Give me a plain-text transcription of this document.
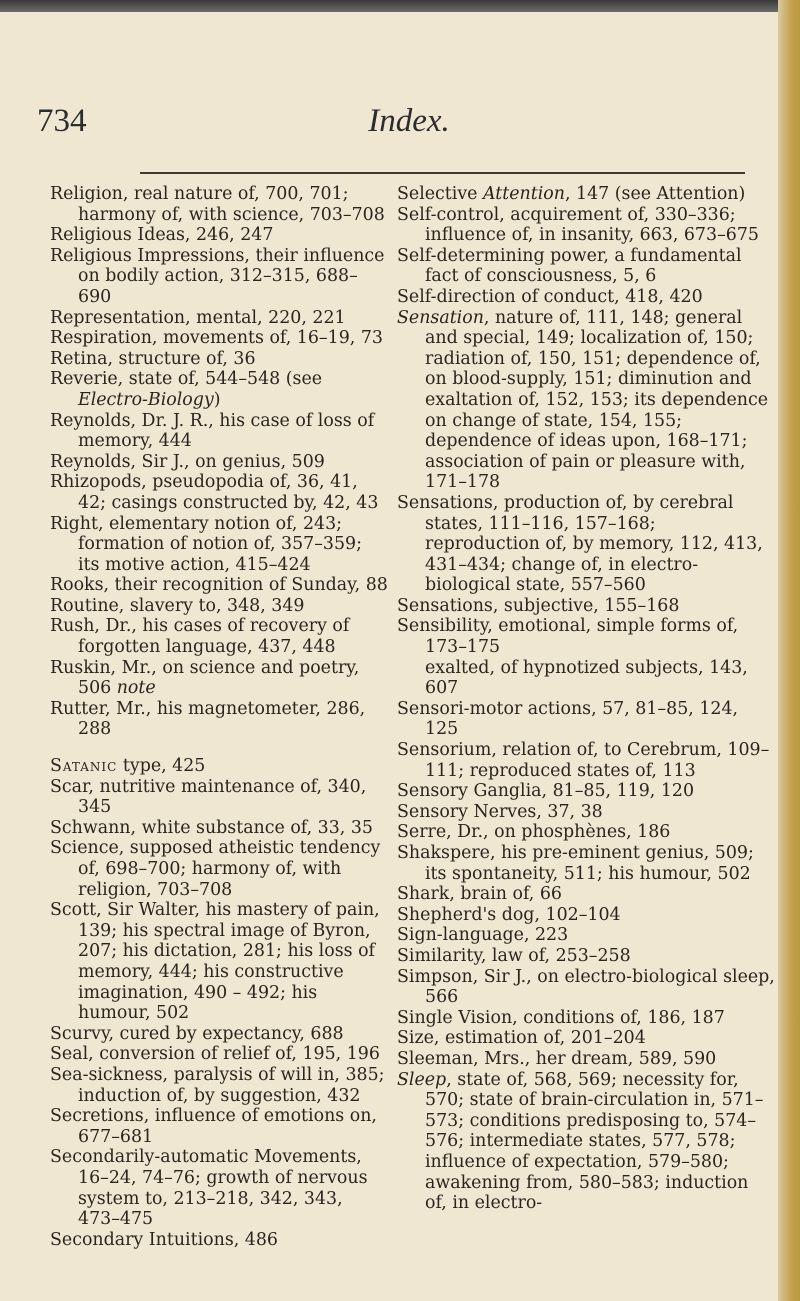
734	Index.

Religion, real nature of, 700, 701; harmony of, with science, 703–708

Religious Ideas, 246, 247

Religious Impressions, their influence on bodily action, 312–315, 688–690

Representation, mental, 220, 221

Respiration, movements of, 16–19, 73

Retina, structure of, 36

Reverie, state of, 544–548 (see Electro-Biology)

Reynolds, Dr. J. R., his case of loss of memory, 444

Reynolds, Sir J., on genius, 509

Rhizopods, pseudopodia of, 36, 41, 42; casings constructed by, 42, 43

Right, elementary notion of, 243; formation of notion of, 357–359; its motive action, 415–424

Rooks, their recognition of Sunday, 88

Routine, slavery to, 348, 349

Rush, Dr., his cases of recovery of forgotten language, 437, 448

Ruskin, Mr., on science and poetry, 506 note

Rutter, Mr., his magnetometer, 286, 288

Satanic type, 425

Scar, nutritive maintenance of, 340, 345

Schwann, white substance of, 33, 35

Science, supposed atheistic tendency of, 698–700; harmony of, with religion, 703–708

Scott, Sir Walter, his mastery of pain, 139; his spectral image of Byron, 207; his dictation, 281; his loss of memory, 444; his constructive imagination, 490 – 492; his humour, 502

Scurvy, cured by expectancy, 688

Seal, conversion of relief of, 195, 196

Sea-sickness, paralysis of will in, 385; induction of, by suggestion, 432

Secretions, influence of emotions on, 677–681

Secondarily-automatic Movements, 16–24, 74–76; growth of nervous system to, 213–218, 342, 343, 473–475

Secondary Intuitions, 486

Selective Attention, 147 (see Attention)

Self-control, acquirement of, 330–336; influence of, in insanity, 663, 673–675

Self-determining power, a fundamental fact of consciousness, 5, 6

Self-direction of conduct, 418, 420

Sensation, nature of, 111, 148; general and special, 149; localization of, 150; radiation of, 150, 151; dependence of, on blood-supply, 151; diminution and exaltation of, 152, 153; its dependence on change of state, 154, 155; dependence of ideas upon, 168–171; association of pain or pleasure with, 171–178

Sensations, production of, by cerebral states, 111–116, 157–168; reproduction of, by memory, 112, 413, 431–434; change of, in electro-biological state, 557–560

Sensations, subjective, 155–168

Sensibility, emotional, simple forms of, 173–175

exalted, of hypnotized subjects, 143, 607

Sensori-motor actions, 57, 81–85, 124, 125

Sensorium, relation of, to Cerebrum, 109–111; reproduced states of, 113

Sensory Ganglia, 81–85, 119, 120

Sensory Nerves, 37, 38

Serre, Dr., on phosphènes, 186

Shakspere, his pre-eminent genius, 509; its spontaneity, 511; his humour, 502

Shark, brain of, 66

Shepherd's dog, 102–104

Sign-language, 223

Similarity, law of, 253–258

Simpson, Sir J., on electro-biological sleep, 566

Single Vision, conditions of, 186, 187

Size, estimation of, 201–204

Sleeman, Mrs., her dream, 589, 590

Sleep, state of, 568, 569; necessity for, 570; state of brain-circulation in, 571–573; conditions predisposing to, 574–576; intermediate states, 577, 578; influence of expectation, 579–580; awakening from, 580–583; induction of, in electro-
